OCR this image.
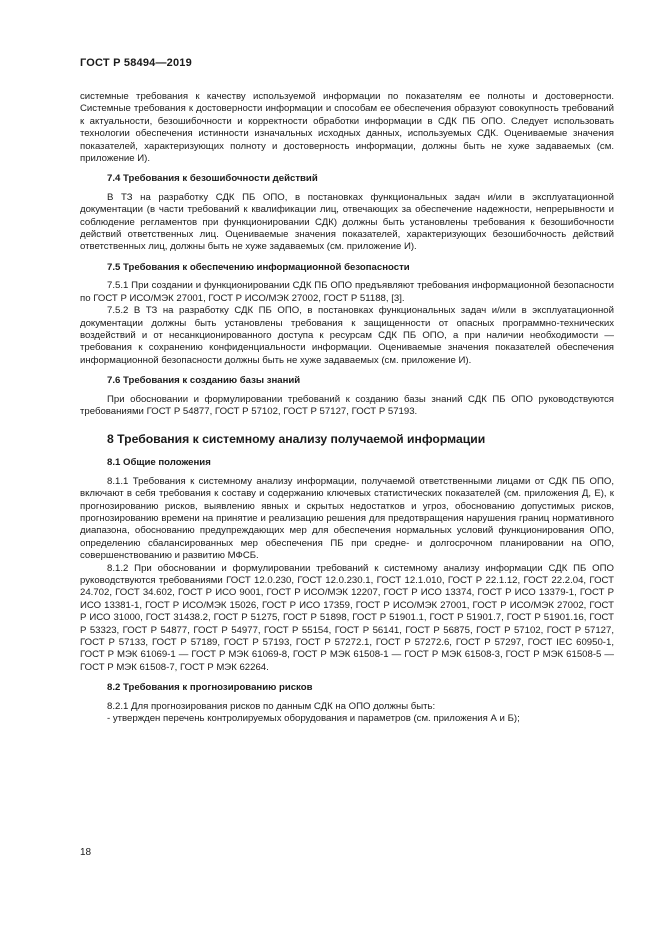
ГОСТ Р 58494—2019

системные требования к качеству используемой информации по показателям ее полноты и достоверности. Системные требования к достоверности информации и способам ее обеспечения образуют совокупность требований к актуальности, безошибочности и корректности обработки информации в СДК ПБ ОПО. Следует использовать технологии обеспечения истинности изначальных исходных данных, используемых СДК. Оцениваемые значения показателей, характеризующих полноту и достоверность информации, должны быть не хуже задаваемых (см. приложение И).

7.4 Требования к безошибочности действий

В ТЗ на разработку СДК ПБ ОПО, в постановках функциональных задач и/или в эксплуатационной документации (в части требований к квалификации лиц, отвечающих за обеспечение надежности, непрерывности и соблюдение регламентов при функционировании СДК) должны быть установлены требования к безошибочности действий ответственных лиц. Оцениваемые значения показателей, характеризующих безошибочность действий ответственных лиц, должны быть не хуже задаваемых (см. приложение И).

7.5 Требования к обеспечению информационной безопасности

7.5.1 При создании и функционировании СДК ПБ ОПО предъявляют требования информационной безопасности по ГОСТ Р ИСО/МЭК 27001, ГОСТ Р ИСО/МЭК 27002, ГОСТ Р 51188, [3].

7.5.2 В ТЗ на разработку СДК ПБ ОПО, в постановках функциональных задач и/или в эксплуатационной документации должны быть установлены требования к защищенности от опасных программно-технических воздействий и от несанкционированного доступа к ресурсам СДК ПБ ОПО, а при наличии необходимости — требования к сохранению конфиденциальности информации. Оцениваемые значения показателей обеспечения информационной безопасности должны быть не хуже задаваемых (см. приложение И).

7.6 Требования к созданию базы знаний

При обосновании и формулировании требований к созданию базы знаний СДК ПБ ОПО руководствуются требованиями ГОСТ Р 54877, ГОСТ Р 57102, ГОСТ Р 57127, ГОСТ Р 57193.

8 Требования к системному анализу получаемой информации
8.1 Общие положения

8.1.1 Требования к системному анализу информации, получаемой ответственными лицами от СДК ПБ ОПО, включают в себя требования к составу и содержанию ключевых статистических показателей (см. приложения Д, Е), к прогнозированию рисков, выявлению явных и скрытых недостатков и угроз, обоснованию допустимых рисков, прогнозированию времени на принятие и реализацию решения для предотвращения нарушения границ нормативного диапазона, обоснованию предупреждающих мер для обеспечения нормальных условий функционирования ОПО, определению сбалансированных мер обеспечения ПБ при средне- и долгосрочном планировании на ОПО, совершенствованию и развитию МФСБ.

8.1.2 При обосновании и формулировании требований к системному анализу информации СДК ПБ ОПО руководствуются требованиями ГОСТ 12.0.230, ГОСТ 12.0.230.1, ГОСТ 12.1.010, ГОСТ Р 22.1.12, ГОСТ 22.2.04, ГОСТ 24.702, ГОСТ 34.602, ГОСТ Р ИСО 9001, ГОСТ Р ИСО/МЭК 12207, ГОСТ Р ИСО 13374, ГОСТ Р ИСО 13379-1, ГОСТ Р ИСО 13381-1, ГОСТ Р ИСО/МЭК 15026, ГОСТ Р ИСО 17359, ГОСТ Р ИСО/МЭК 27001, ГОСТ Р ИСО/МЭК 27002, ГОСТ Р ИСО 31000, ГОСТ 31438.2, ГОСТ Р 51275, ГОСТ Р 51898, ГОСТ Р 51901.1, ГОСТ Р 51901.7, ГОСТ Р 51901.16, ГОСТ Р 53323, ГОСТ Р 54877, ГОСТ Р 54977, ГОСТ Р 55154, ГОСТ Р 56141, ГОСТ Р 56875, ГОСТ Р 57102, ГОСТ Р 57127, ГОСТ Р 57133, ГОСТ Р 57189, ГОСТ Р 57193, ГОСТ Р 57272.1, ГОСТ Р 57272.6, ГОСТ Р 57297, ГОСТ IEC 60950-1, ГОСТ Р МЭК 61069-1 — ГОСТ Р МЭК 61069-8, ГОСТ Р МЭК 61508-1 — ГОСТ Р МЭК 61508-3, ГОСТ Р МЭК 61508-5 — ГОСТ Р МЭК 61508-7, ГОСТ Р МЭК 62264.

8.2 Требования к прогнозированию рисков

8.2.1 Для прогнозирования рисков по данным СДК на ОПО должны быть:

- утвержден перечень контролируемых оборудования и параметров (см. приложения А и Б);

18
